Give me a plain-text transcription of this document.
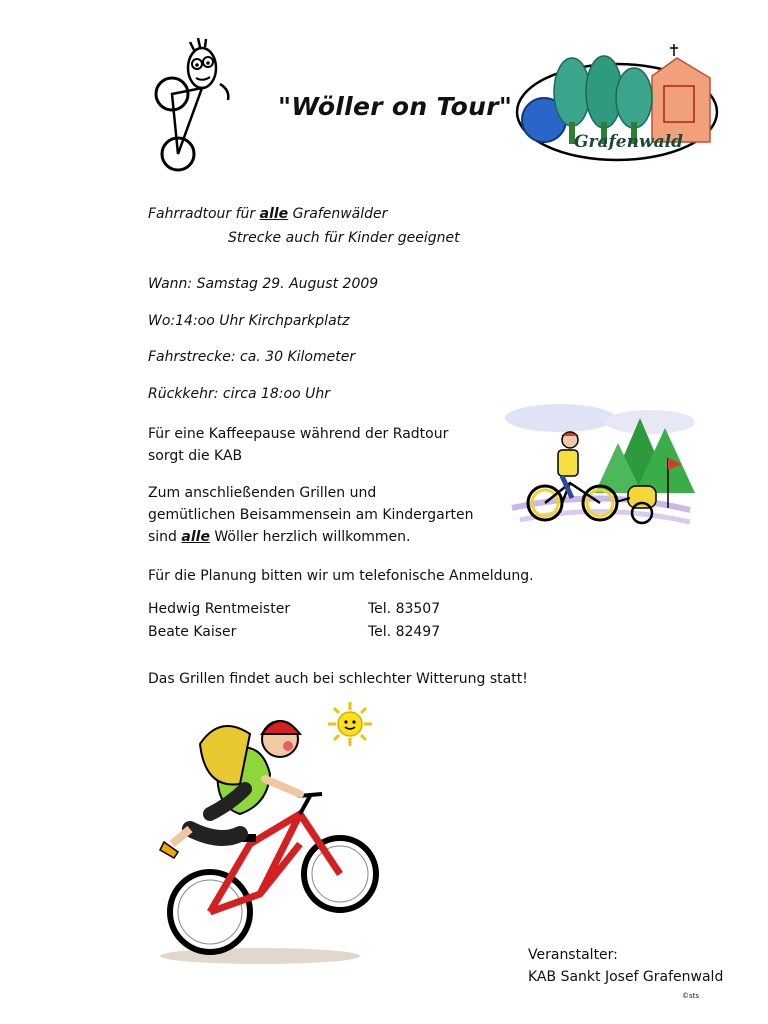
"Wöller on Tour"
Grafenwald
Fahrradtour für alle Grafenwälder
Strecke auch für Kinder geeignet
Wann: Samstag 29. August 2009
Wo:14:oo Uhr Kirchparkplatz
Fahrstrecke: ca. 30 Kilometer
Rückkehr: circa 18:oo Uhr
Für eine Kaffeepause während der Radtour
sorgt die KAB
Zum anschließenden Grillen und
gemütlichen Beisammensein am Kindergarten
sind alle Wöller herzlich willkommen.
Für die Planung bitten wir um telefonische Anmeldung.
Hedwig Rentmeister	Tel. 83507
Beate Kaiser	Tel. 82497
Das Grillen findet auch bei schlechter Witterung statt!
Veranstalter:
KAB Sankt Josef Grafenwald
©sts
